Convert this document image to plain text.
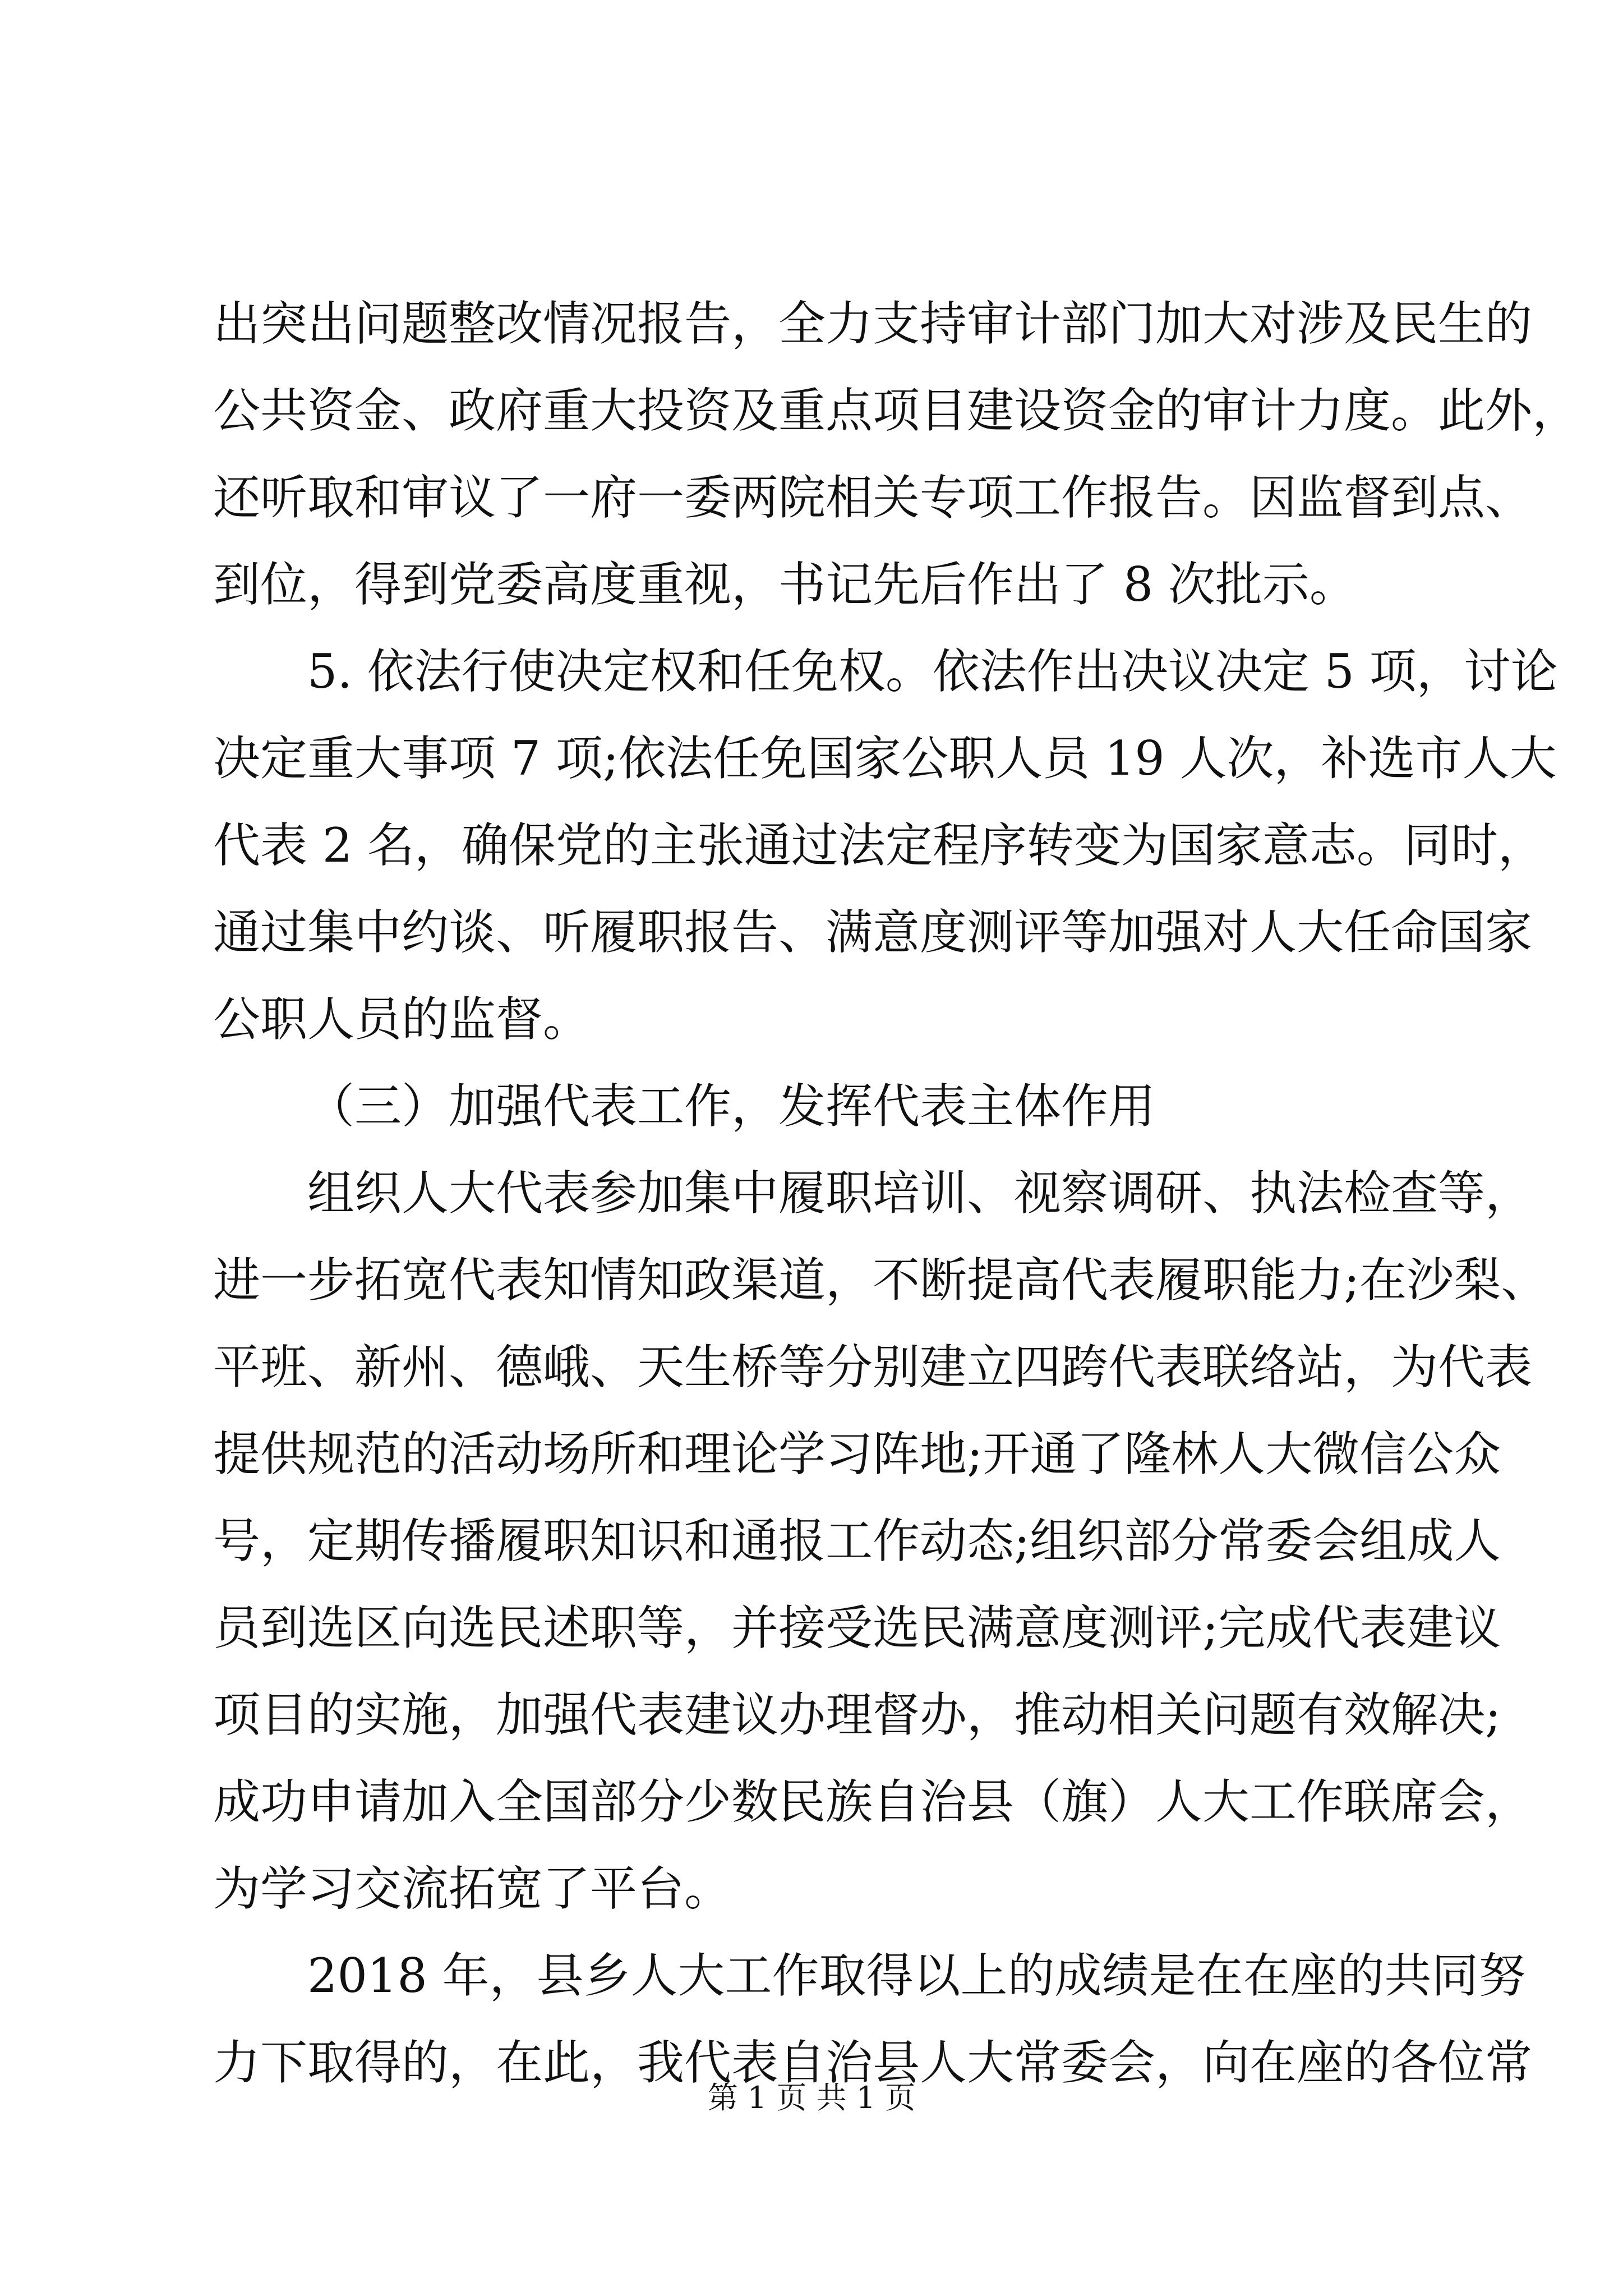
出突出问题整改情况报告，全力支持审计部门加大对涉及民生的
公共资金、政府重大投资及重点项目建设资金的审计力度。此外，
还听取和审议了一府一委两院相关专项工作报告。因监督到点、
到位，得到党委高度重视，书记先后作出了 8 次批示。
5. 依法行使决定权和任免权。依法作出决议决定 5 项，讨论
决定重大事项 7 项;依法任免国家公职人员 19 人次，补选市人大
代表 2 名，确保党的主张通过法定程序转变为国家意志。同时，
通过集中约谈、听履职报告、满意度测评等加强对人大任命国家
公职人员的监督。
（三）加强代表工作，发挥代表主体作用
组织人大代表参加集中履职培训、视察调研、执法检查等，
进一步拓宽代表知情知政渠道，不断提高代表履职能力;在沙梨、
平班、新州、德峨、天生桥等分别建立四跨代表联络站，为代表
提供规范的活动场所和理论学习阵地;开通了隆林人大微信公众
号，定期传播履职知识和通报工作动态;组织部分常委会组成人
员到选区向选民述职等，并接受选民满意度测评;完成代表建议
项目的实施，加强代表建议办理督办，推动相关问题有效解决;
成功申请加入全国部分少数民族自治县（旗）人大工作联席会，
为学习交流拓宽了平台。
2018 年，县乡人大工作取得以上的成绩是在在座的共同努
力下取得的，在此，我代表自治县人大常委会，向在座的各位常
第 1 页 共 1 页
